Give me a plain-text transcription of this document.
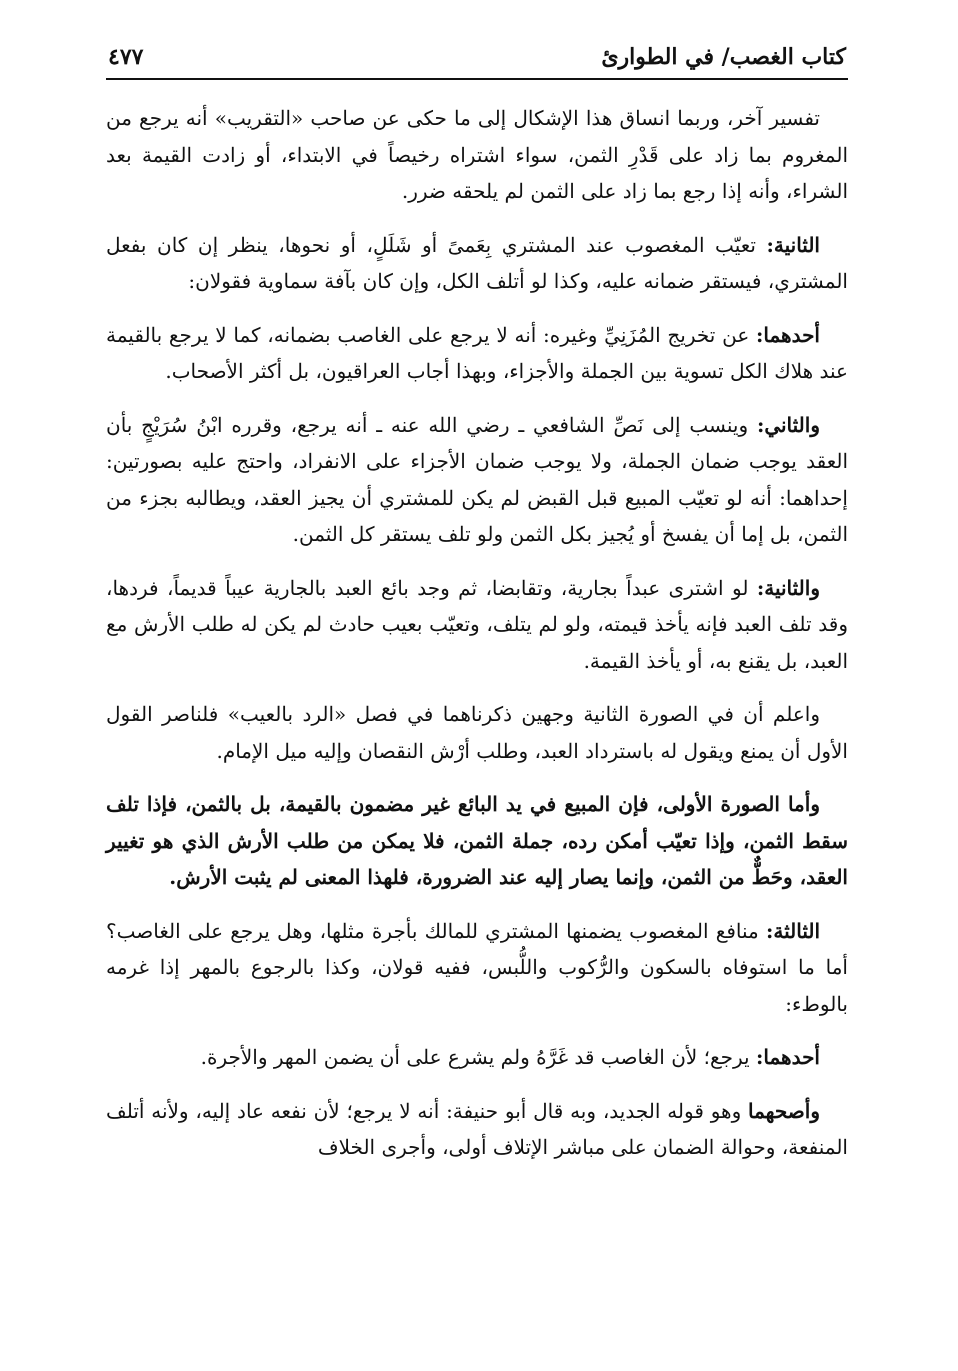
كتاب الغصب/ في الطوارئ
٤٧٧

تفسير آخر، وربما انساق هذا الإشكال إلى ما حكى عن صاحب «التقريب» أنه يرجع من المغروم بما زاد على قَدْرِ الثمن، سواء اشتراه رخيصاً في الابتداء، أو زادت القيمة بعد الشراء، وأنه إذا رجع بما زاد على الثمن لم يلحقه ضرر.

الثانية: تعيّب المغصوب عند المشتري بِعَمىً أو شَلَلٍ، أو نحوها، ينظر إن كان بفعل المشتري، فيستقر ضمانه عليه، وكذا لو أتلف الكل، وإن كان بآفة سماوية فقولان:

أحدهما: عن تخريج المُزَنِيِّ وغيره: أنه لا يرجع على الغاصب بضمانه، كما لا يرجع بالقيمة عند هلاك الكل تسوية بين الجملة والأجزاء، وبهذا أجاب العراقيون، بل أكثر الأصحاب.

والثاني: وينسب إلى نَصِّ الشافعي ـ رضي الله عنه ـ أنه يرجع، وقرره ابْنُ سُرَيْجٍ بأن العقد يوجب ضمان الجملة، ولا يوجب ضمان الأجزاء على الانفراد، واحتج عليه بصورتين: إحداهما: أنه لو تعيّب المبيع قبل القبض لم يكن للمشتري أن يجيز العقد، ويطالبه بجزء من الثمن، بل إما أن يفسخ أو يُجيز بكل الثمن ولو تلف يستقر كل الثمن.

والثانية: لو اشترى عبداً بجارية، وتقابضا، ثم وجد بائع العبد بالجارية عيباً قديماً، فردها، وقد تلف العبد فإنه يأخذ قيمته، ولو لم يتلف، وتعيّب بعيب حادث لم يكن له طلب الأرش مع العبد، بل يقنع به، أو يأخذ القيمة.

واعلم أن في الصورة الثانية وجهين ذكرناهما في فصل «الرد بالعيب» فلناصر القول الأول أن يمنع ويقول له باسترداد العبد، وطلب أرْش النقصان وإليه ميل الإمام.

وأما الصورة الأولى، فإن المبيع في يد البائع غير مضمون بالقيمة، بل بالثمن، فإذا تلف سقط الثمن، وإذا تعيّب أمكن رده، جملة الثمن، فلا يمكن من طلب الأرش الذي هو تغيير العقد، وحَطٌّ من الثمن، وإنما يصار إليه عند الضرورة، فلهذا المعنى لم يثبت الأرش.

الثالثة: منافع المغصوب يضمنها المشتري للمالك بأجرة مثلها، وهل يرجع على الغاصب؟أما ما استوفاه بالسكون والرُّكوب واللُّبس، ففيه قولان، وكذا بالرجوع بالمهر إذا غرمه بالوطء:

أحدهما: يرجع؛ لأن الغاصب قد غَرَّهُ ولم يشرع على أن يضمن المهر والأجرة.

وأصحهما وهو قوله الجديد، وبه قال أبو حنيفة: أنه لا يرجع؛ لأن نفعه عاد إليه، ولأنه أتلف المنفعة، وحوالة الضمان على مباشر الإتلاف أولى، وأجرى الخلاف
